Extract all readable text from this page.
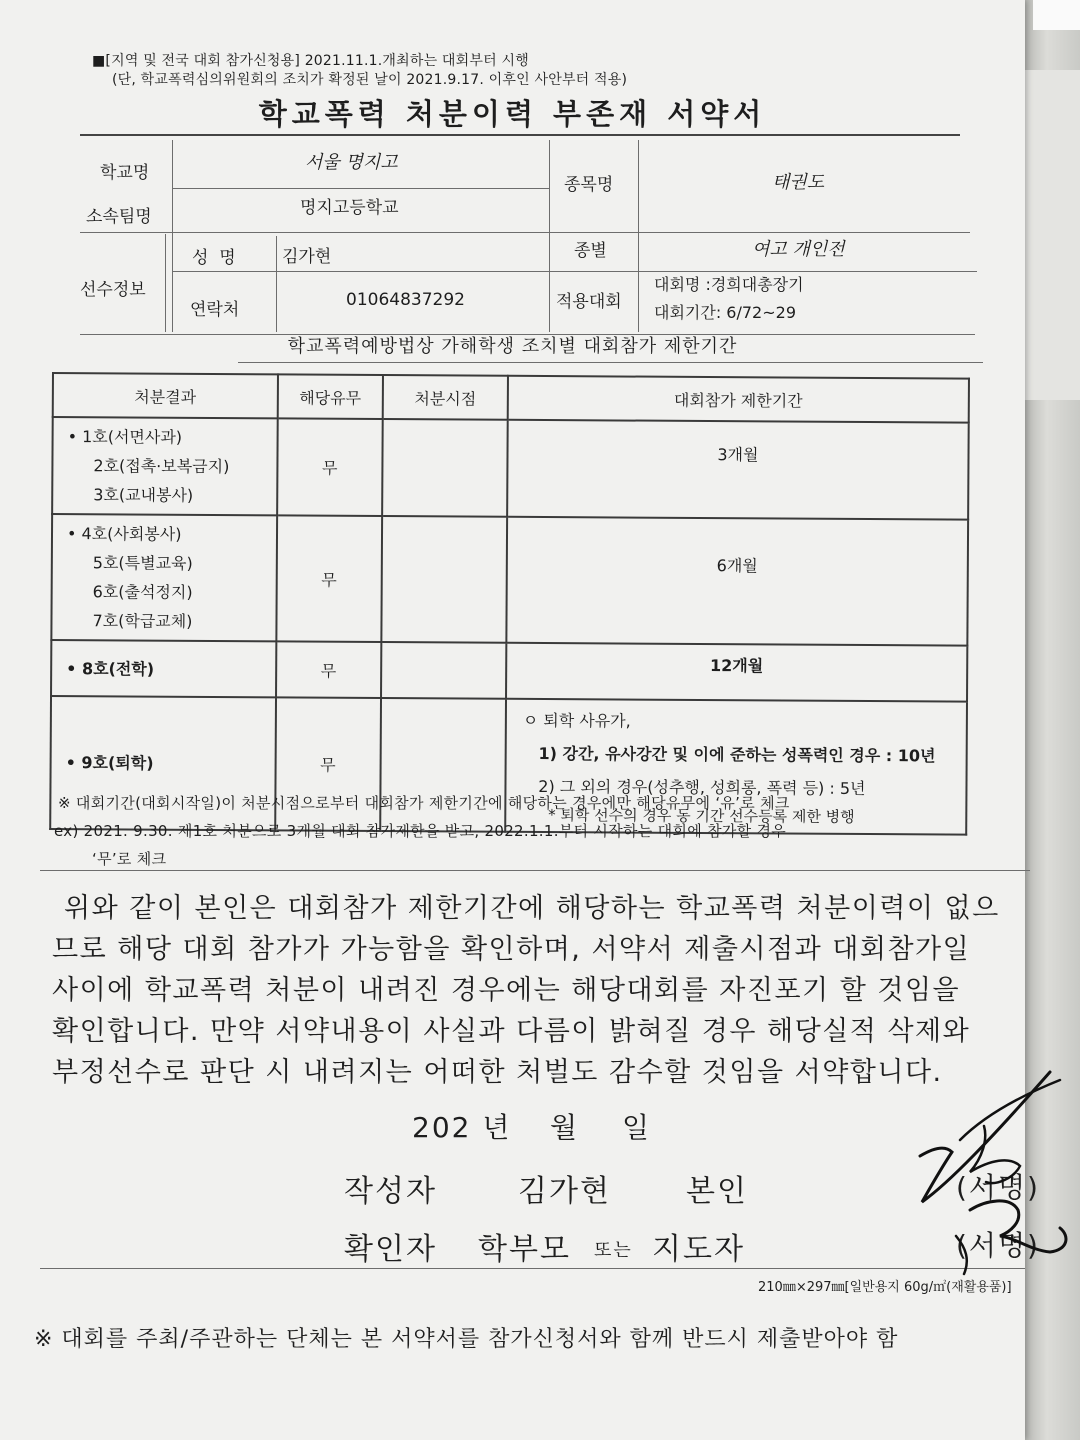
■[지역 및 전국 대회 참가신청용] 2021.11.1.개최하는 대회부터 시행
(단, 학교폭력심의위원회의 조치가 확정된 날이 2021.9.17. 이후인 사안부터 적용)
학교폭력 처분이력 부존재 서약서
학교명	서울 명지고
소속팀명	명지고등학교
종목명	태권도
선수정보
성  명	김가현
연락처	01064837292
종별	여고 개인전
적용대회
대회명 :경희대총장기
대회기간: 6/72~29
학교폭력예방법상 가해학생 조치별 대회참가 제한기간
처분결과	해당유무	처분시점	대회참가 제한기간

• 1호(서면사과)
2호(접촉·보복금지)
3호(교내봉사)	무		3개월

• 4호(사회봉사)
5호(특별교육)
6호(출석정지)
7호(학급교체)	무		6개월

• 8호(전학)	무		12개월

• 9호(퇴학)	무		ㅇ 퇴학 사유가,
1) 강간, 유사강간 및 이에 준하는 성폭력인 경우 : 10년
2) 그 외의 경우(성추행, 성희롱, 폭력 등) : 5년
* 퇴학 선수의 경우 동 기간 선수등록 제한 병행
※ 대회기간(대회시작일)이 처분시점으로부터 대회참가 제한기간에 해당하는 경우에만 해당유무에 ‘유’로 체크
ex) 2021. 9.30. 제1호 처분으로 3개월 대회 참가제한을 받고, 2022.1.1.부터 시작하는 대회에 참가할 경우
‘무’로 체크
위와 같이 본인은 대회참가 제한기간에 해당하는 학교폭력 처분이력이 없으
므로 해당 대회 참가가 가능함을 확인하며, 서약서 제출시점과 대회참가일
사이에 학교폭력 처분이 내려진 경우에는 해당대회를 자진포기 할 것임을
확인합니다. 만약 서약내용이 사실과 다름이 밝혀질 경우 해당실적 삭제와
부정선수로 판단 시 내려지는 어떠한 처벌도 감수할 것임을 서약합니다.
202 년 월 일
작성자	김가현	본인	(서명)
확인자 학부모 또는 지도자	(서명)
210㎜×297㎜[일반용지 60g/㎡(재활용품)]
※ 대회를 주최/주관하는 단체는 본 서약서를 참가신청서와 함께 반드시 제출받아야 함
